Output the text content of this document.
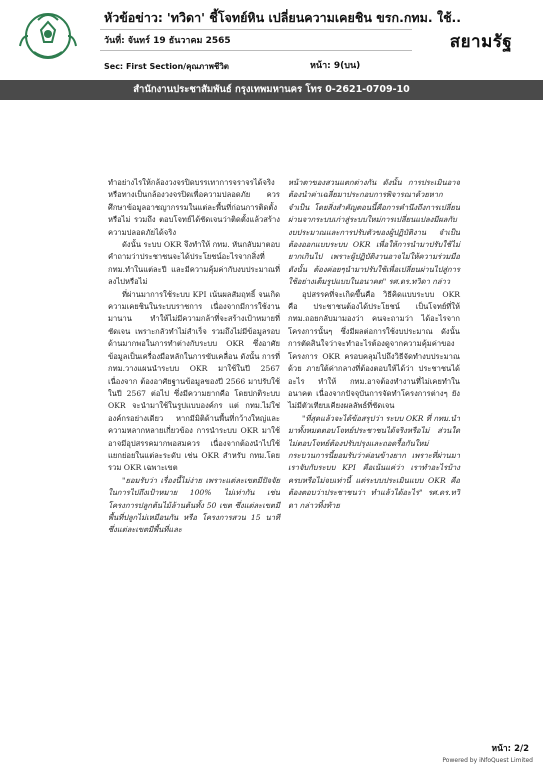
หัวข้อข่าว: 'ทวิดา' ชี้โจทย์หิน เปลี่ยนความเคยชิน ขรก.กทม. ใช้..
วันที่: จันทร์ 19 ธันวาคม 2565
Sec: First Section/คุณภาพชีวิต	หน้า: 9(บน)
สยามรัฐ
สำนักงานประชาสัมพันธ์ กรุงเทพมหานคร โทร 0-2621-0709-10

ทำอย่างไรให้กล้องวงจรปิดบรรเทาการจราจรได้จริงหรือทางเป็นกล้องวงจรปิดเพื่อความปลอดภัย ควรศึกษาข้อมูลอาชญากรรมในแต่ละพื้นที่ก่อนการติดตั้งหรือไม่ รวมถึง ตอบโจทย์ได้ชัดเจนว่าติดตั้งแล้วสร้างความปลอดภัยได้จริง

ดังนั้น ระบบ OKR จึงทำให้ กทม. หันกลับมาตอบคำถามว่าประชาชนจะได้ประโยชน์อะไรจากสิ่งที่ กทม.ทำในแต่ละปี และมีความคุ้มค่ากับงบประมาณที่ลงไปหรือไม่

ที่ผ่านมาการใช้ระบบ KPI เน้นผลสัมฤทธิ์ จนเกิดความเคยชินในระบบราชการ เนื่องจากมีการใช้งานมานาน ทำให้ไม่มีความกล้าที่จะสร้างเป้าหมายที่ชัดเจน เพราะกลัวทำไม่สำเร็จ รวมถึงไม่มีข้อมูลรอบด้านมากพอในการทำต่างกับระบบ OKR ซึ่งอาศัยข้อมูลเป็นเครื่องมือหลักในการขับเคลื่อน ดังนั้น การที่ กทม.วางแผนนำระบบ OKR มาใช้ในปี 2567 เนื่องจาก ต้องอาศัยฐานข้อมูลของปี 2566 มาปรับใช้ในปี 2567 ต่อไป ซึ่งมีความยากคือ โดยปกติระบบ OKR จะนำมาใช้ในรูปแบบองค์กร แต่ กทม.ไม่ใช่องค์กรอย่างเดียว หากมีมิติด้านพื้นที่กว้างใหญ่และความหลากหลายเกี่ยวข้อง การนำระบบ OKR มาใช้อาจมีอุปสรรคมากพอสมควร เนื่องจากต้องนำไปใช้แยกย่อยในแต่ละระดับ เช่น OKR สำหรับ กทม.โดยรวม OKR เฉพาะเขต

"ยอมรับว่า เรื่องนี้ไม่ง่าย เพราะแต่ละเขตมีปัจจัยในการไปถึงเป้าหมาย 100% ไม่เท่ากัน เช่น โครงการปลูกต้นไม้ล้านต้นทั้ง 50 เขต ซึ่งแต่ละเขตมีพื้นที่ปลูกไม่เหมือนกัน หรือ โครงการสวน 15 นาที ซึ่งแต่ละเขตมีพื้นที่และ

หน้าตาของสวนแตกต่างกัน ดังนั้น การประเมินอาจต้องนำค่าเฉลี่ยมาประกอบการพิจารณาด้วยหากจำเป็น โดยสิ่งสำคัญตอนนี้คือการคำนึงถึงการเปลี่ยนผ่านจากระบบเก่าสู่ระบบใหม่การเปลี่ยนแปลงมีผลกับงบประมาณและการปรับตัวของผู้ปฏิบัติงาน จำเป็นต้องออกแบบระบบ OKR เพื่อให้การนำมาปรับใช้ไม่ยากเกินไป เพราะผู้ปฏิบัติงานอาจไม่ให้ความร่วมมือ ดังนั้น ต้องค่อยๆนำมาปรับใช้เพื่อเปลี่ยนผ่านไปสู่การใช้อย่างเต็มรูปแบบในอนาคต" รศ.ดร.ทวิดา กล่าว

อุปสรรคที่จะเกิดขึ้นคือ วิธีคิดแบบระบบ OKR คือ ประชาชนต้องได้ประโยชน์ เป็นโจทย์ที่ให้ กทม.ถอยกลับมามองว่า คนจะถามว่า ได้อะไรจากโครงการนั้นๆ ซึ่งมีผลต่อการใช้งบประมาณ ดังนั้น การตัดสินใจว่าจะทำอะไรต้องดูจากความคุ้มค่าของโครงการ OKR ครอบคลุมไปถึงวิธีจัดทำงบประมาณด้วย ภายใต้ค่ากลางที่ต้องตอบให้ได้ว่า ประชาชนได้อะไร ทำให้ กทม.อาจต้องทำงานที่ไม่เคยทำในอนาคต เนื่องจากปัจจุบันการจัดทำโครงการต่างๆ ยังไม่มีตัวเทียบเคียงผลลัพธ์ที่ชัดเจน

"ที่สุดแล้วจะได้ข้อสรุปว่า ระบบ OKR ที่ กทม.นำมาทั้งหมดตอบโจทย์ประชาชนได้จริงหรือไม่ ส่วนใดไม่ตอบโจทย์ต้องปรับปรุงและถอดรื้อกันใหม่ กระบวนการนี้ยอมรับว่าค่อนข้างยาก เพราะที่ผ่านมาเราจับกับระบบ KPI คือเน้นแค่ว่า เราทำอะไรบ้าง ครบหรือไม่จบเท่านี้ แต่ระบบประเมินแบบ OKR คือ ต้องตอบว่าประชาชนว่า ทำแล้วได้อะไร" รศ.ดร.ทวิดา กล่าวทิ้งท้าย

หน้า: 2/2
Powered by iNfoQuest Limited
